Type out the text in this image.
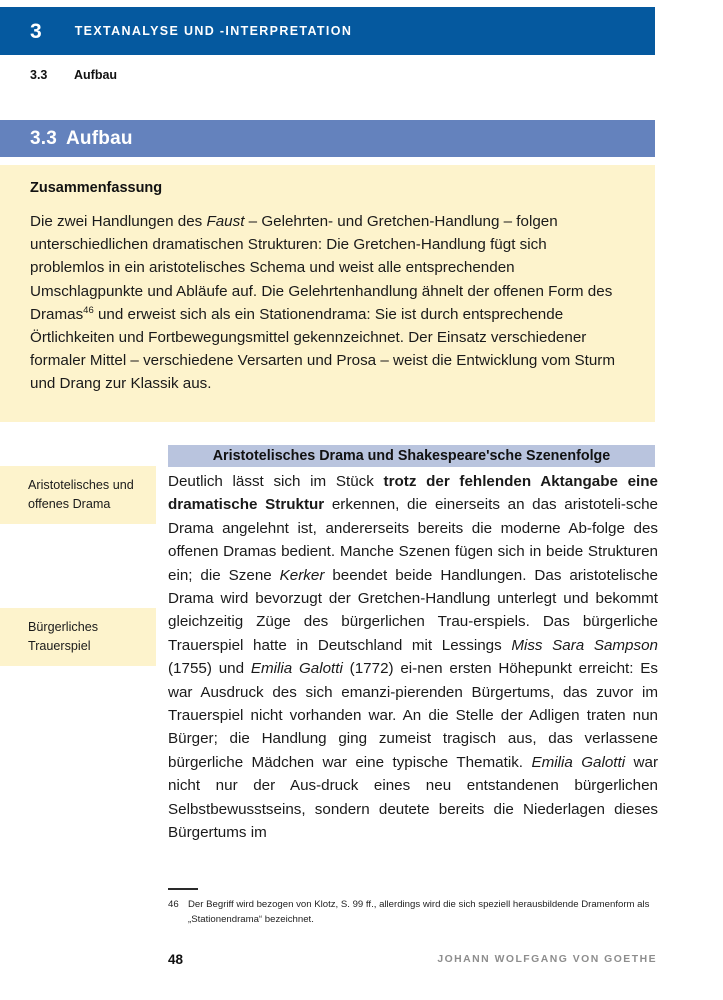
3	TEXTANALYSE UND -INTERPRETATION
3.3	Aufbau
3.3 Aufbau
Zusammenfassung

Die zwei Handlungen des Faust – Gelehrten- und Gretchen-Handlung – folgen unterschiedlichen dramatischen Strukturen: Die Gretchen-Handlung fügt sich problemlos in ein aristotelisches Schema und weist alle entsprechenden Umschlagpunkte und Abläufe auf. Die Gelehrtenhandlung ähnelt der offenen Form des Dramas$^{46}$ und erweist sich als ein Stationendrama: Sie ist durch entsprechende Örtlichkeiten und Fortbewegungsmittel gekennzeichnet. Der Einsatz verschiedener formaler Mittel – verschiedene Versarten und Prosa – weist die Entwicklung vom Sturm und Drang zur Klassik aus.

Aristotelisches und offenes Drama
Bürgerliches Trauerspiel
Aristotelisches Drama und Shakespeare'sche Szenenfolge

Deutlich lässt sich im Stück trotz der fehlenden Aktangabe eine dramatische Struktur erkennen, die einerseits an das aristoteli-sche Drama angelehnt ist, andererseits bereits die moderne Ab-folge des offenen Dramas bedient. Manche Szenen fügen sich in beide Strukturen ein; die Szene Kerker beendet beide Handlungen. Das aristotelische Drama wird bevorzugt der Gretchen-Handlung unterlegt und bekommt gleichzeitig Züge des bürgerlichen Trau-erspiels. Das bürgerliche Trauerspiel hatte in Deutschland mit Lessings Miss Sara Sampson (1755) und Emilia Galotti (1772) ei-nen ersten Höhepunkt erreicht: Es war Ausdruck des sich emanzi-pierenden Bürgertums, das zuvor im Trauerspiel nicht vorhanden war. An die Stelle der Adligen traten nun Bürger; die Handlung ging zumeist tragisch aus, das verlassene bürgerliche Mädchen war eine typische Thematik. Emilia Galotti war nicht nur der Aus-druck eines neu entstandenen bürgerlichen Selbstbewusstseins, sondern deutete bereits die Niederlagen dieses Bürgertums im

46 Der Begriff wird bezogen von Klotz, S. 99 ff., allerdings wird die sich speziell herausbildende Dramenform als „Stationendrama“ bezeichnet.
48	JOHANN WOLFGANG VON GOETHE
